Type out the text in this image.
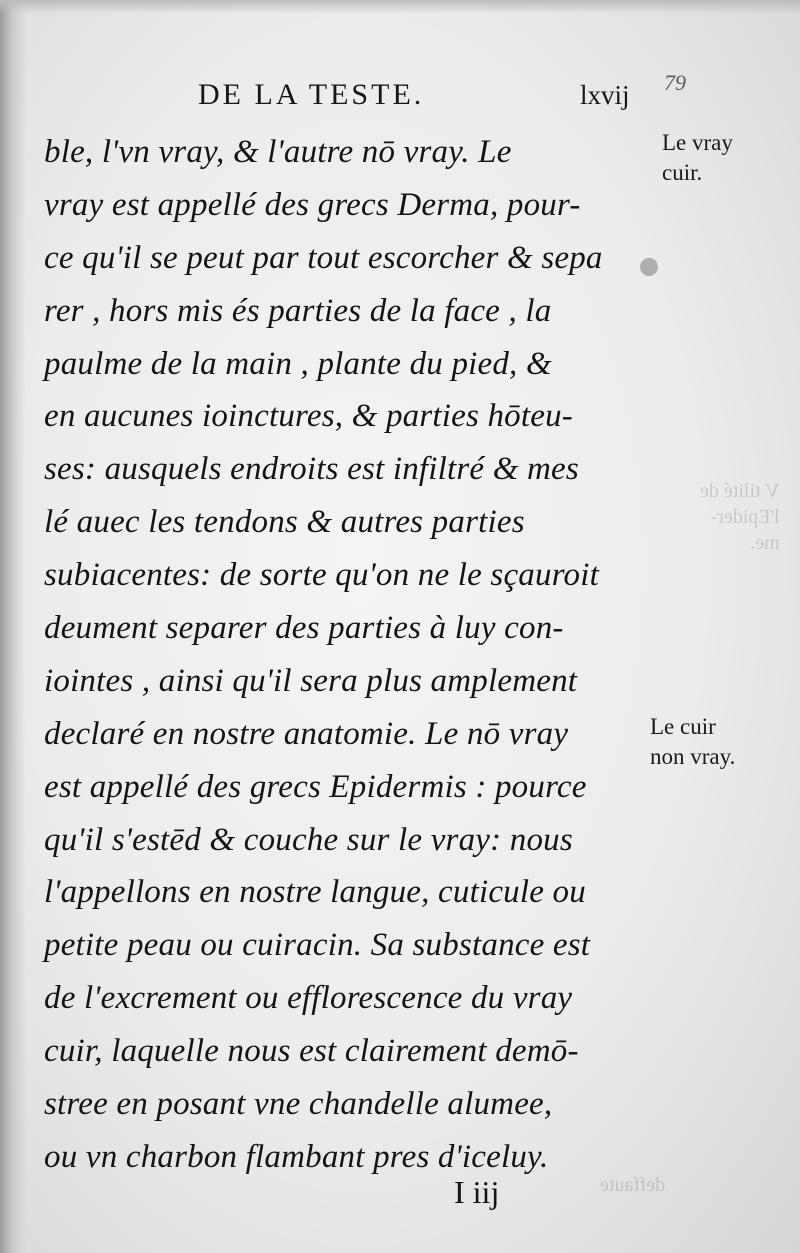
DE LA TESTE.	lxvij 79
ble, l'vn vray, & l'autre nō vray. Le
vray est appellé des grecs Derma, pour-
ce qu'il se peut par tout escorcher & sepa
rer , hors mis és parties de la face , la
paulme de la main , plante du pied, &
en aucunes ioinctures, & parties hōteu-
ses: ausquels endroits est infiltré & mes
lé auec les tendons & autres parties
subiacentes: de sorte qu'on ne le sçauroit
deument separer des parties à luy con-
iointes , ainsi qu'il sera plus amplement
declaré en nostre anatomie. Le nō vray
est appellé des grecs Epidermis : pource
qu'il s'estēd & couche sur le vray: nous
l'appellons en nostre langue, cuticule ou
petite peau ou cuiracin. Sa substance est
de l'excrement ou efflorescence du vray
cuir, laquelle nous est clairement demō-
stree en posant vne chandelle alumee,
ou vn charbon flambant pres d'iceluy.
Le vray
cuir.
Le cuir
non vray.
V tilité de
l'Epider-
me.
deffaute
I iij
